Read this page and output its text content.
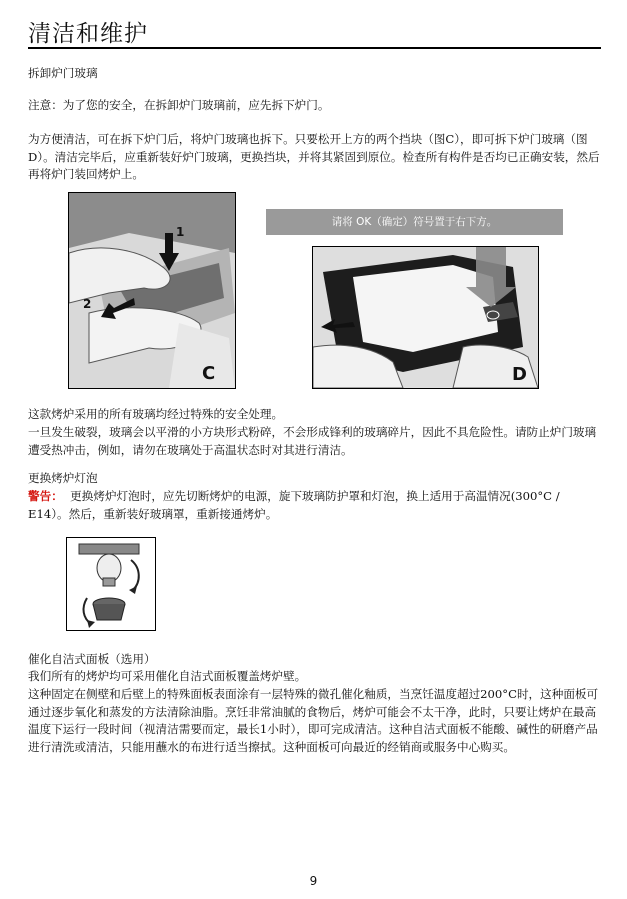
清洁和维护
拆卸炉门玻璃
注意：为了您的安全，在拆卸炉门玻璃前，应先拆下炉门。
为方便清洁，可在拆下炉门后，将炉门玻璃也拆下。只要松开上方的两个挡块（图C），即可拆下炉门玻璃（图D）。清洁完毕后，应重新装好炉门玻璃，更换挡块，并将其紧固到原位。检查所有构件是否均已正确安装，然后再将炉门装回烤炉上。
1
2
C	D
请将 OK（确定）符号置于右下方。
这款烤炉采用的所有玻璃均经过特殊的安全处理。
一旦发生破裂，玻璃会以平滑的小方块形式粉碎，不会形成锋利的玻璃碎片，因此不具危险性。请防止炉门玻璃遭受热冲击，例如，请勿在玻璃处于高温状态时对其进行清洁。
更换烤炉灯泡
警告： 更换烤炉灯泡时，应先切断烤炉的电源，旋下玻璃防护罩和灯泡，换上适用于高温情况(300°C / E14）。然后，重新装好玻璃罩，重新接通烤炉。
催化自洁式面板（选用）
我们所有的烤炉均可采用催化自洁式面板覆盖烤炉壁。
这种固定在侧壁和后壁上的特殊面板表面涂有一层特殊的微孔催化釉质，当烹饪温度超过200°C时，这种面板可通过逐步氧化和蒸发的方法清除油脂。烹饪非常油腻的食物后，烤炉可能会不太干净，此时，只要让烤炉在最高温度下运行一段时间（视清洁需要而定，最长1小时），即可完成清洁。这种自洁式面板不能酸、碱性的研磨产品进行清洗或清洁，只能用蘸水的布进行适当擦拭。这种面板可向最近的经销商或服务中心购买。
9
